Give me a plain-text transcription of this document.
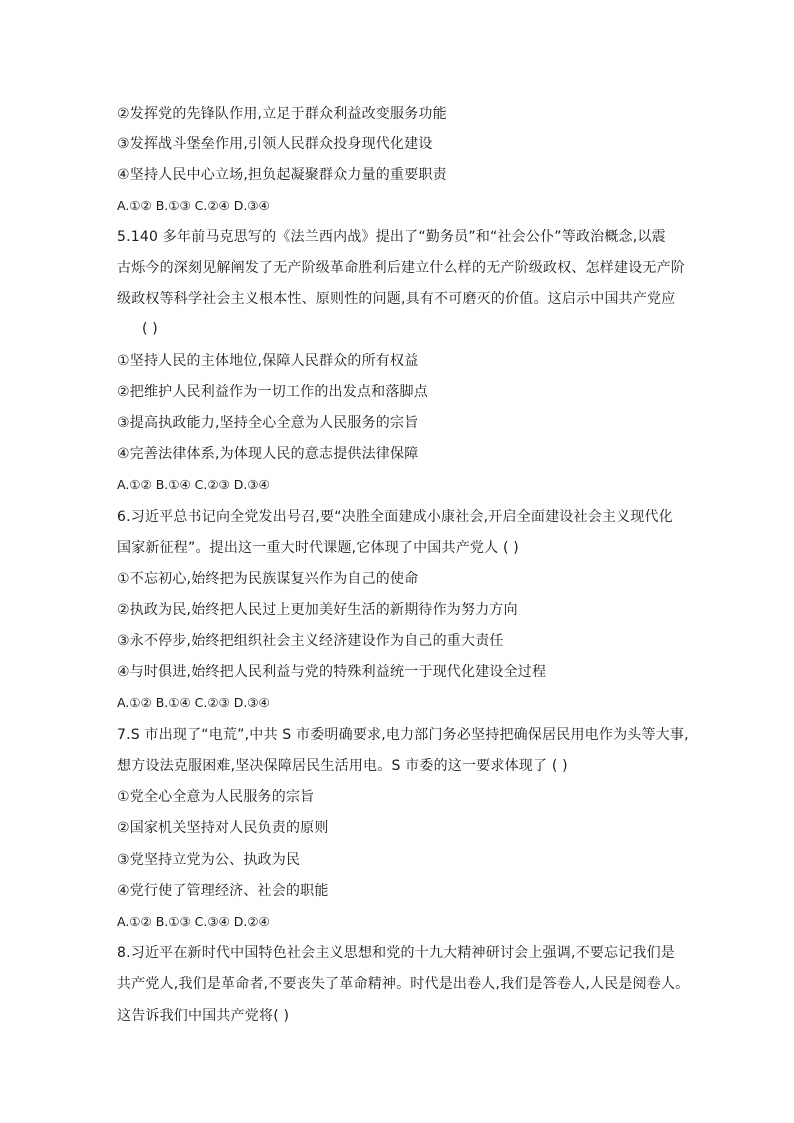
②发挥党的先锋队作用,立足于群众利益改变服务功能
③发挥战斗堡垒作用,引领人民群众投身现代化建设
④坚持人民中心立场,担负起凝聚群众力量的重要职责
A.①② B.①③ C.②④ D.③④
5.140 多年前马克思写的《法兰西内战》提出了“勤务员”和“社会公仆”等政治概念,以震
古烁今的深刻见解阐发了无产阶级革命胜利后建立什么样的无产阶级政权、怎样建设无产阶
级政权等科学社会主义根本性、原则性的问题,具有不可磨灭的价值。这启示中国共产党应
( )
①坚持人民的主体地位,保障人民群众的所有权益
②把维护人民利益作为一切工作的出发点和落脚点
③提高执政能力,坚持全心全意为人民服务的宗旨
④完善法律体系,为体现人民的意志提供法律保障
A.①② B.①④ C.②③ D.③④
6.习近平总书记向全党发出号召,要“决胜全面建成小康社会,开启全面建设社会主义现代化
国家新征程”。提出这一重大时代课题,它体现了中国共产党人 ( )
①不忘初心,始终把为民族谋复兴作为自己的使命
②执政为民,始终把人民过上更加美好生活的新期待作为努力方向
③永不停步,始终把组织社会主义经济建设作为自己的重大责任
④与时俱进,始终把人民利益与党的特殊利益统一于现代化建设全过程
A.①② B.①④ C.②③ D.③④
7.S 市出现了“电荒”,中共 S 市委明确要求,电力部门务必坚持把确保居民用电作为头等大事,
想方设法克服困难,坚决保障居民生活用电。S 市委的这一要求体现了 ( )
①党全心全意为人民服务的宗旨
②国家机关坚持对人民负责的原则
③党坚持立党为公、执政为民
④党行使了管理经济、社会的职能
A.①② B.①③ C.③④ D.②④
8.习近平在新时代中国特色社会主义思想和党的十九大精神研讨会上强调,不要忘记我们是
共产党人,我们是革命者,不要丧失了革命精神。时代是出卷人,我们是答卷人,人民是阅卷人。
这告诉我们中国共产党将( )
